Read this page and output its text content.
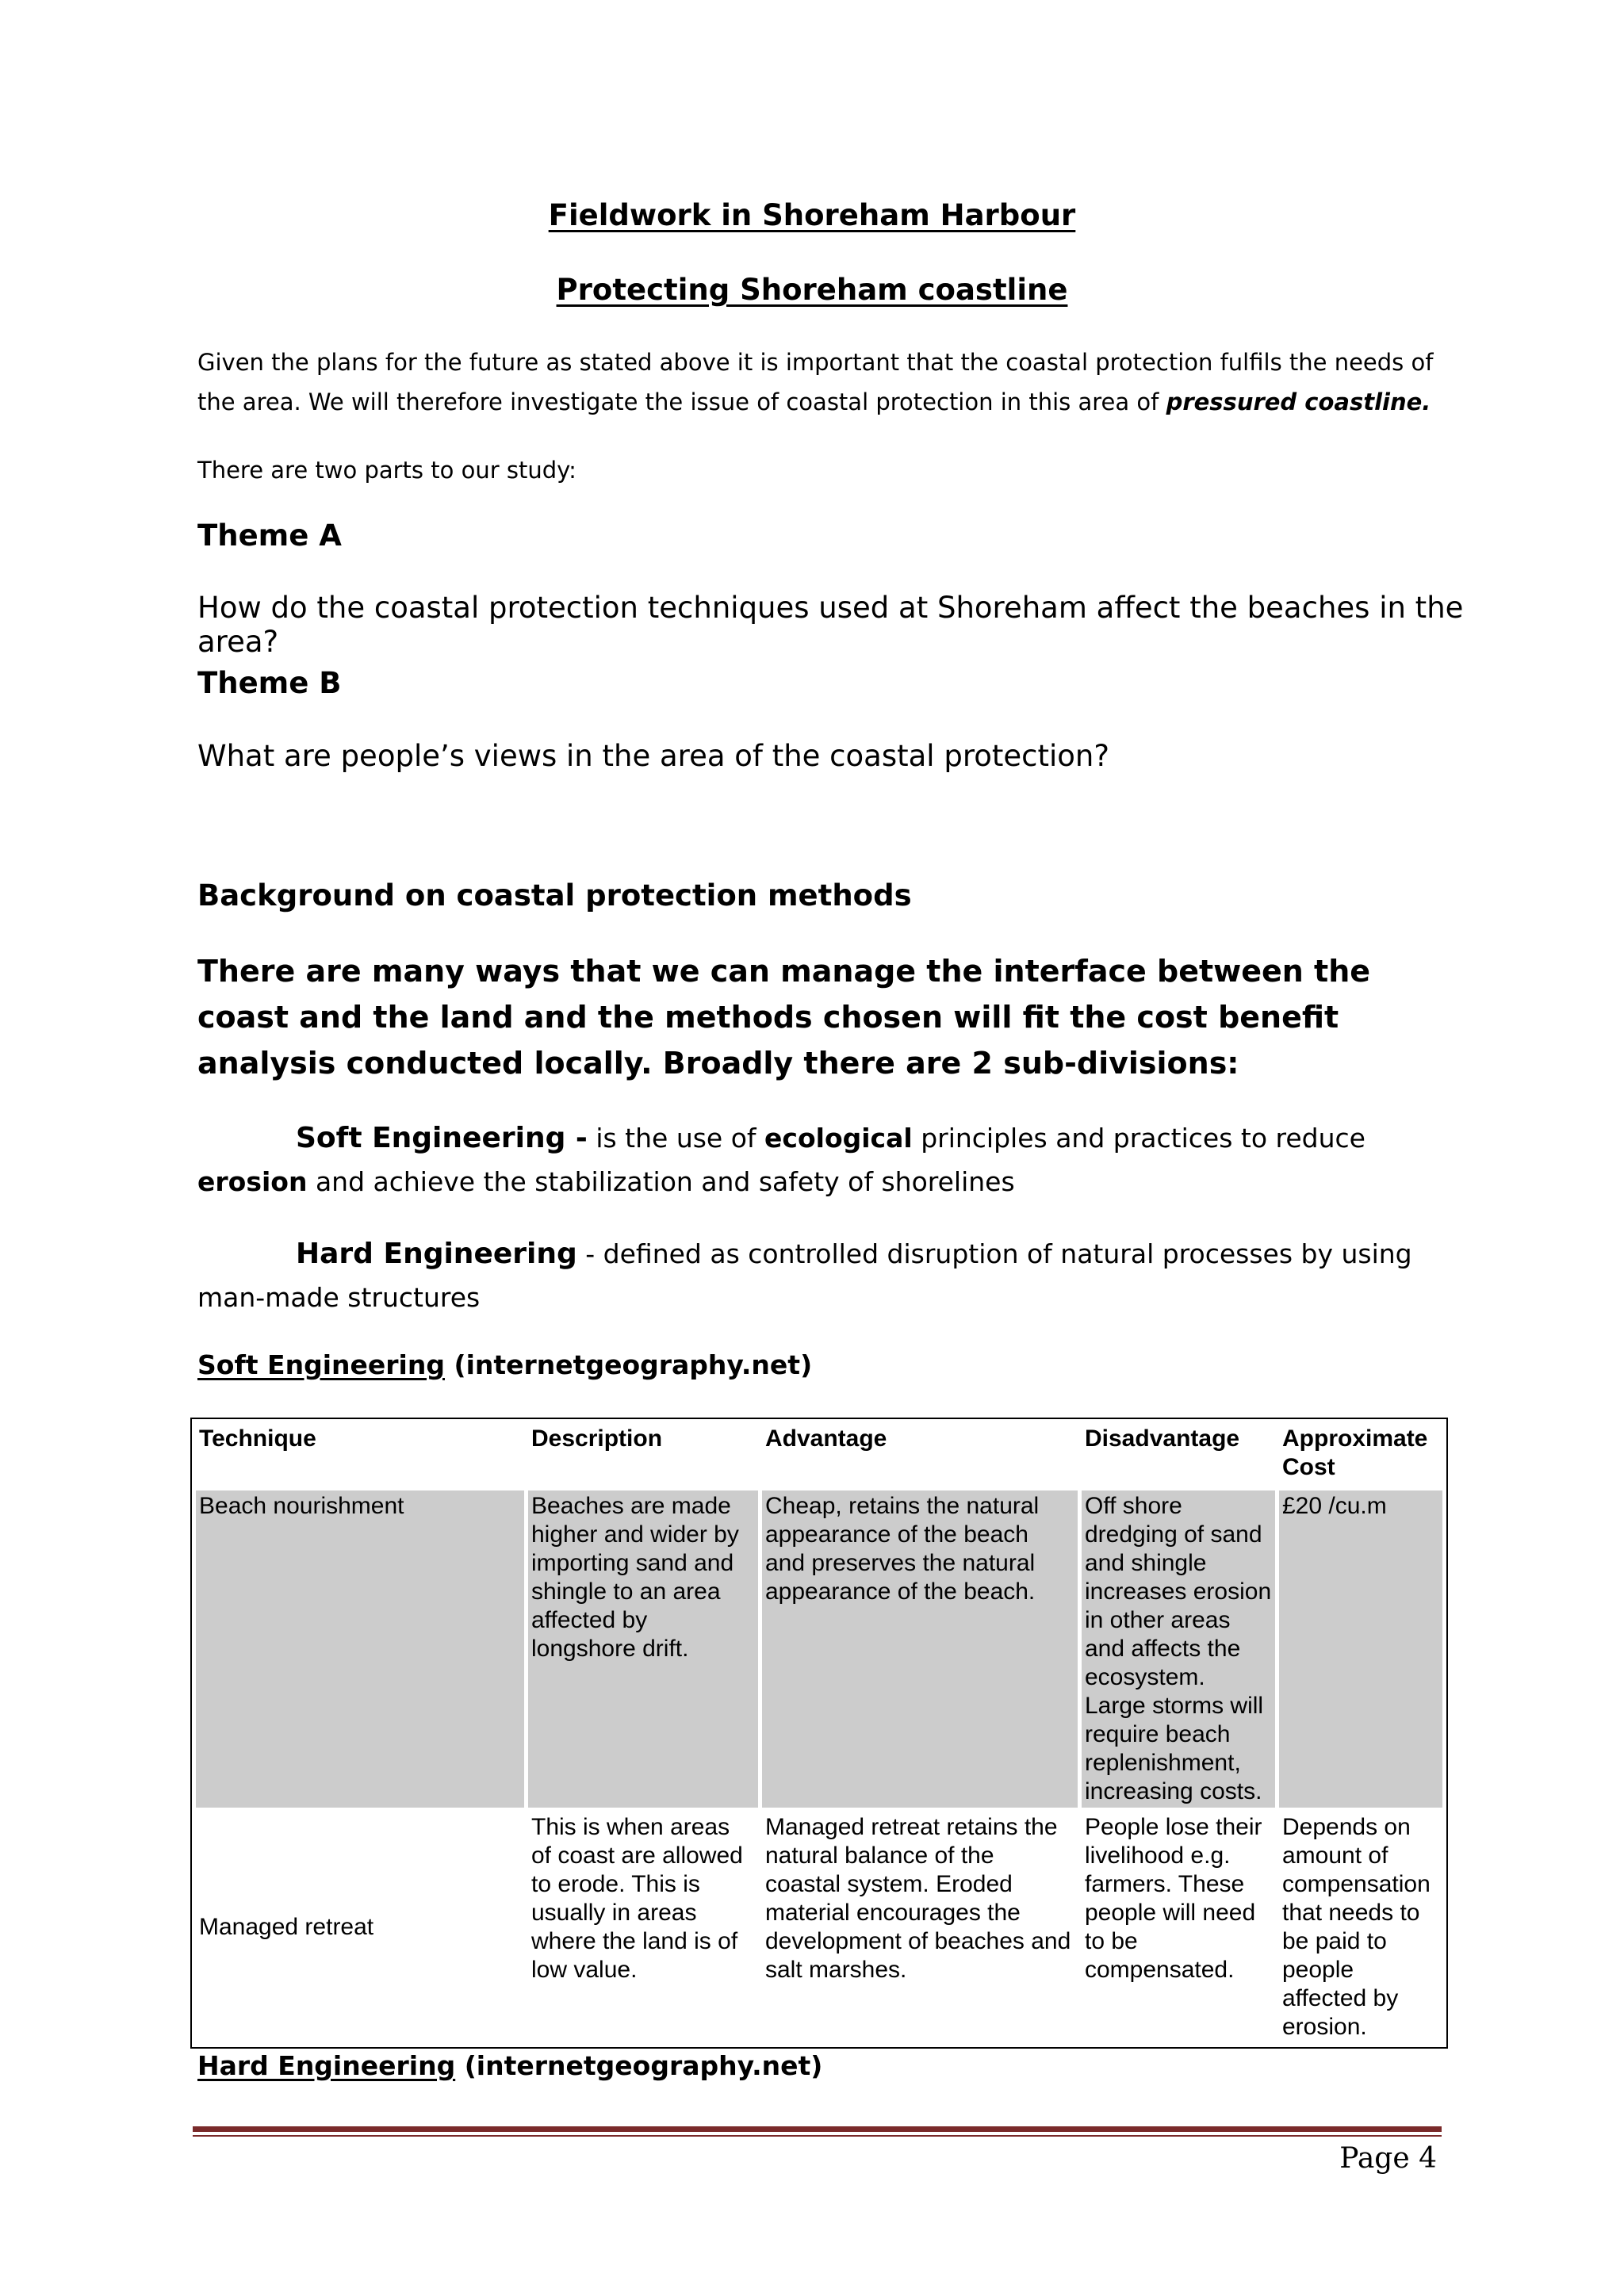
Fieldwork in Shoreham Harbour
Protecting Shoreham coastline

Given the plans for the future as stated above it is important that the coastal protection fulfils the needs of the area. We will therefore investigate the issue of coastal protection in this area of pressured coastline.

There are two parts to our study:

Theme A

How do the coastal protection techniques used at Shoreham affect the beaches in the area?

Theme B

What are people’s views in the area of the coastal protection?

Background on coastal protection methods

There are many ways that we can manage the interface between the coast and the land and the methods chosen will fit the cost benefit analysis conducted locally. Broadly there are 2 sub-divisions:

Soft Engineering - is the use of ecological principles and practices to reduce erosion and achieve the stabilization and safety of shorelines

Hard Engineering - defined as controlled disruption of natural processes by using man-made structures

Soft Engineering (internetgeography.net)

Technique	Description	Advantage	Disadvantage	Approximate Cost
Beach nourishment	Beaches are made higher and wider by importing sand and shingle to an area affected by longshore drift.	Cheap, retains the natural appearance of the beach and preserves the natural appearance of the beach.	Off shore dredging of sand and shingle increases erosion in other areas and affects the ecosystem. Large storms will require beach replenishment, increasing costs.	£20 /cu.m
Managed retreat	This is when areas of coast are allowed to erode. This is usually in areas where the land is of low value.	Managed retreat retains the natural balance of the coastal system. Eroded material encourages the development of beaches and salt marshes.	People lose their livelihood e.g. farmers. These people will need to be compensated.	Depends on amount of compensation that needs to be paid to people affected by erosion.

Hard Engineering (internetgeography.net)

Page 4
